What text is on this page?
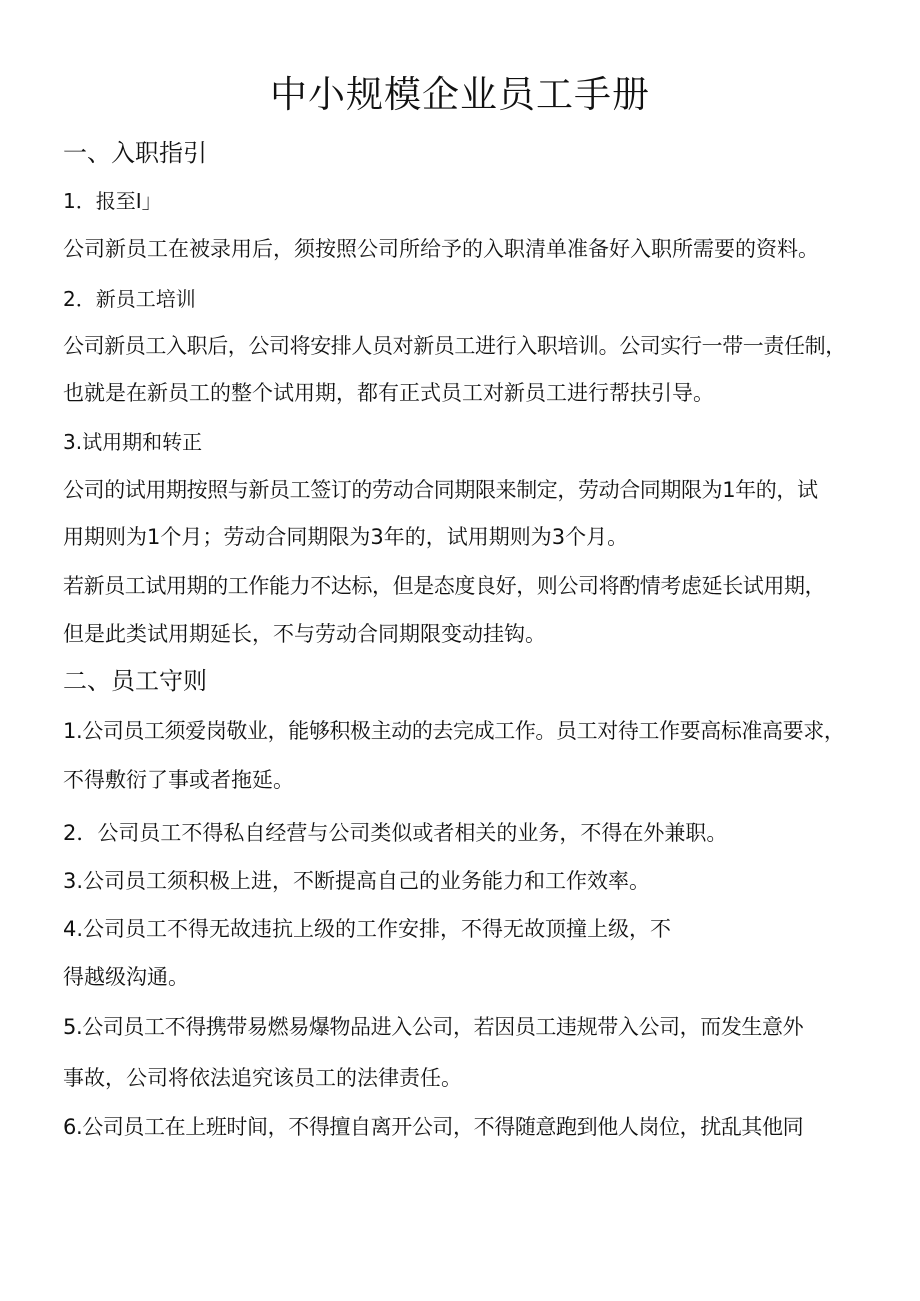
中小规模企业员工手册
一、入职指引
1．报至I」
公司新员工在被录用后，须按照公司所给予的入职清单准备好入职所需要的资料。
2．新员工培训
公司新员工入职后，公司将安排人员对新员工进行入职培训。公司实行一带一责任制，
也就是在新员工的整个试用期，都有正式员工对新员工进行帮扶引导。
3.试用期和转正
公司的试用期按照与新员工签订的劳动合同期限来制定，劳动合同期限为1年的，试
用期则为1个月；劳动合同期限为3年的，试用期则为3个月。
若新员工试用期的工作能力不达标，但是态度良好，则公司将酌情考虑延长试用期，
但是此类试用期延长，不与劳动合同期限变动挂钩。
二、员工守则
1.公司员工须爱岗敬业，能够积极主动的去完成工作。员工对待工作要高标准高要求，
不得敷衍了事或者拖延。
2．公司员工不得私自经营与公司类似或者相关的业务，不得在外兼职。
3.公司员工须积极上进，不断提高自己的业务能力和工作效率。
4.公司员工不得无故违抗上级的工作安排，不得无故顶撞上级，不
得越级沟通。
5.公司员工不得携带易燃易爆物品进入公司，若因员工违规带入公司，而发生意外
事故，公司将依法追究该员工的法律责任。
6.公司员工在上班时间，不得擅自离开公司，不得随意跑到他人岗位，扰乱其他同
